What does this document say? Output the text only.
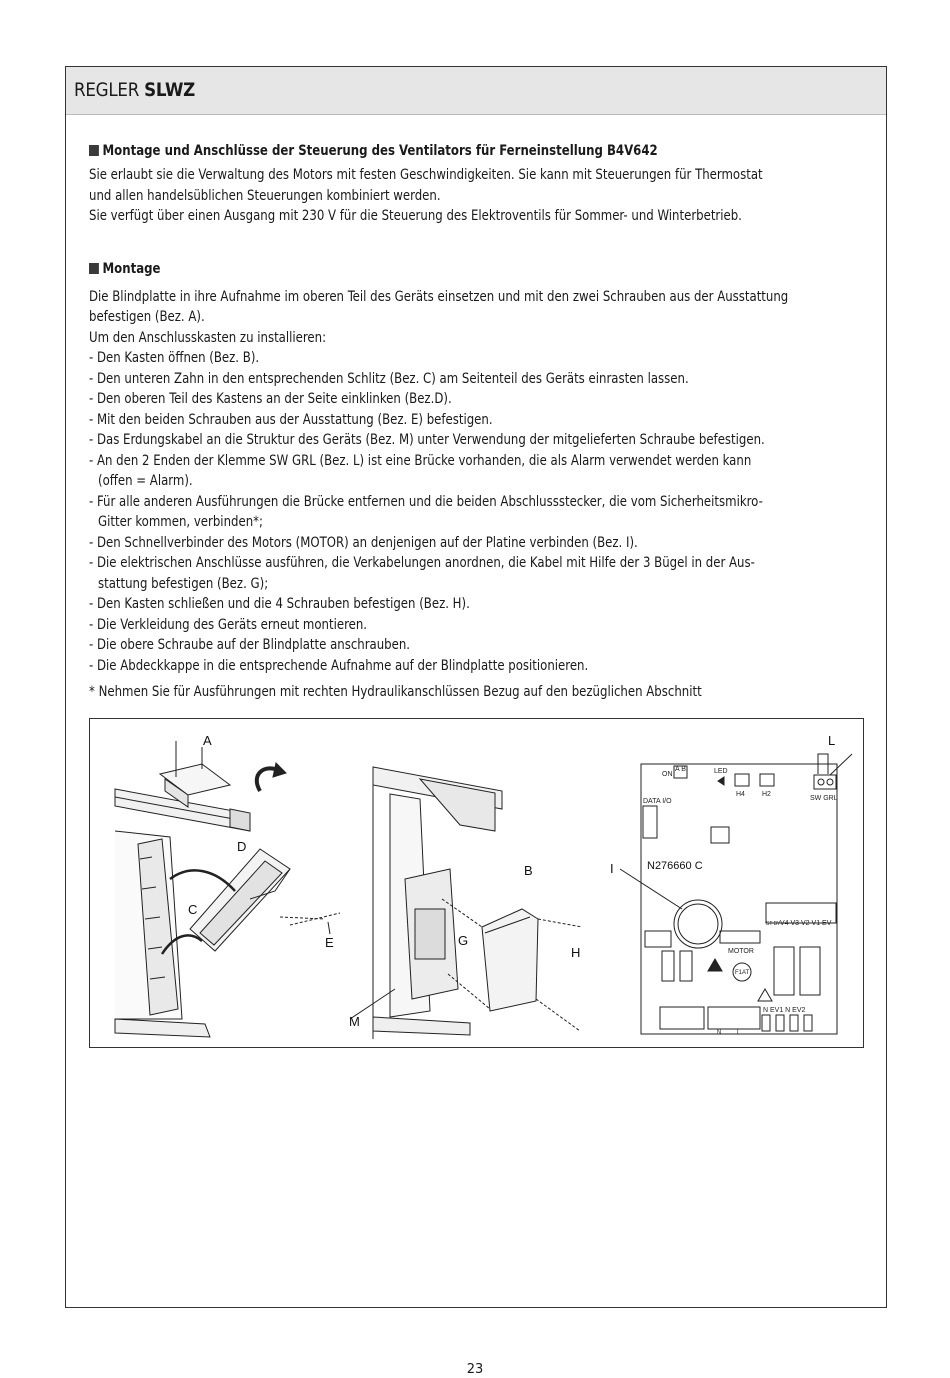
REGLER SLWZ

Montage und Anschlüsse der Steuerung des Ventilators für Ferneinstellung B4V642

Sie erlaubt sie die Verwaltung des Motors mit festen Geschwindigkeiten. Sie kann mit Steuerungen für Thermostat

und allen handelsüblichen Steuerungen kombiniert werden.

Sie verfügt über einen Ausgang mit 230 V für die Steuerung des Elektroventils für Sommer- und Winterbetrieb.

Montage

Die Blindplatte in ihre Aufnahme im oberen Teil des Geräts einsetzen und mit den zwei Schrauben aus der Ausstattung

befestigen (Bez. A).

Um den Anschlusskasten zu installieren:

- Den Kasten öffnen (Bez. B).

- Den unteren Zahn in den entsprechenden Schlitz (Bez. C) am Seitenteil des Geräts einrasten lassen.

- Den oberen Teil des Kastens an der Seite einklinken (Bez.D).

- Mit den beiden Schrauben aus der Ausstattung (Bez. E) befestigen.

- Das Erdungskabel an die Struktur des Geräts (Bez. M) unter Verwendung der mitgelieferten Schraube befestigen.

- An den 2 Enden der Klemme SW GRL (Bez. L) ist eine Brücke vorhanden, die als Alarm verwendet werden kann

(offen = Alarm).

- Für alle anderen Ausführungen die Brücke entfernen und die beiden Abschlussstecker, die vom Sicherheitsmikro-

Gitter kommen, verbinden*;

- Den Schnellverbinder des Motors (MOTOR) an denjenigen auf der Platine verbinden (Bez. I).

- Die elektrischen Anschlüsse ausführen, die Verkabelungen anordnen, die Kabel mit Hilfe der 3 Bügel in der Aus-

stattung befestigen (Bez. G);

- Den Kasten schließen und die 4 Schrauben befestigen (Bez. H).

- Die Verkleidung des Geräts erneut montieren.

- Die obere Schraube auf der Blindplatte anschrauben.

- Die Abdeckkappe in die entsprechende Aufnahme auf der Blindplatte positionieren.

* Nehmen Sie für Ausführungen mit rechten Hydraulikanschlüssen Bezug auf den bezüglichen Abschnitt

A
D
C
E
M
B
G
H
I
L
ON
A B	LED
H4 H2
SW GRL
DATA I/O
N276660 C
V4 V3 V2 V1 EV
ST BY
MOTOR
F1AT
N	L
N EV1 N EV2
23
